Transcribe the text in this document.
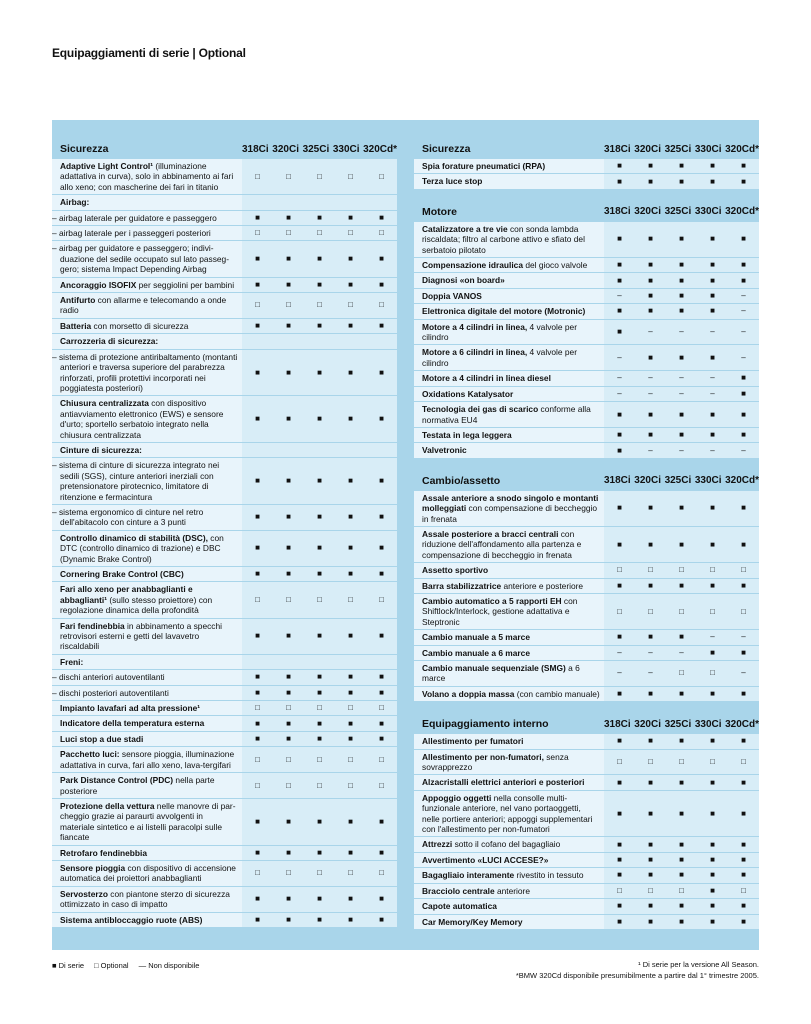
Equipaggiamenti di serie | Optional
Sicurezza	318Ci 320Ci 325Ci 330Ci 320Cd*
Adaptive Light Control¹ (illuminazione adattativa in curva), solo in abbinamento ai fari allo xeno; con mascherine dei fari in titanio
□	□	□	□	□
Airbag:
– airbag laterale per guidatore e passeggero	■	■	■	■	■
– airbag laterale per i passeggeri posteriori	□	□	□	□	□
– airbag per guidatore e passeggero; indivi- duazione del sedile occupato sul lato passeg- gero; sistema Impact Depending Airbag
■	■	■	■	■
Ancoraggio ISOFIX per seggiolini per bambini	■	■	■	■	■
Antifurto con allarme e telecomando a onde radio
□	□	□	□	□
Batteria con morsetto di sicurezza	■	■	■	■	■
Carrozzeria di sicurezza:
– sistema di protezione antiribaltamento (montanti anteriori e traversa superiore del parabrezza rinforzati, profili protettivi incorporati nei poggiatesta posteriori)
■	■	■	■	■
Chiusura centralizzata con dispositivo antiavviamento elettronico (EWS) e sensore d'urto; sportello serbatoio integrato nella chiusura centralizzata
■	■	■	■	■
Cinture di sicurezza:
– sistema di cinture di sicurezza integrato nei sedili (SGS), cinture anteriori inerziali con pretensionatore pirotecnico, limitatore di ritenzione e fermacintura
■	■	■	■	■
– sistema ergonomico di cinture nel retro dell'abitacolo con cinture a 3 punti
■	■	■	■	■
Controllo dinamico di stabilità (DSC), con DTC (controllo dinamico di trazione) e DBC (Dynamic Brake Control)
■	■	■	■	■
Cornering Brake Control (CBC)	■	■	■	■	■
Fari allo xeno per anabbaglianti e abbaglianti¹ (sullo stesso proiettore) con regolazione dinamica della profondità
□	□	□	□	□
Fari fendinebbia in abbinamento a specchi retrovisori esterni e getti del lavavetro riscaldabili
■	■	■	■	■
Freni:
– dischi anteriori autoventilanti	■	■	■	■	■
– dischi posteriori autoventilanti	■	■	■	■	■
Impianto lavafari ad alta pressione¹	□	□	□	□	□
Indicatore della temperatura esterna	■	■	■	■	■
Luci stop a due stadi	■	■	■	■	■
Pacchetto luci: sensore pioggia, illuminazione adattativa in curva, fari allo xeno, lava-tergifari
□	□	□	□	□
Park Distance Control (PDC) nella parte posteriore
□	□	□	□	□
Protezione della vettura nelle manovre di par- cheggio grazie ai paraurti avvolgenti in materiale sintetico e ai listelli paracolpi sulle fiancate
■	■	■	■	■
Retrofaro fendinebbia	■	■	■	■	■
Sensore pioggia con dispositivo di accensione automatica dei proiettori anabbaglianti
□	□	□	□	□
Servosterzo con piantone sterzo di sicurezza ottimizzato in caso di impatto
■	■	■	■	■
Sistema antibloccaggio ruote (ABS)	■	■	■	■	■
Sicurezza	318Ci 320Ci 325Ci 330Ci 320Cd*
Spia forature pneumatici (RPA)	■	■	■	■	■
Terza luce stop	■	■	■	■	■
Motore	318Ci 320Ci 325Ci 330Ci 320Cd*
Catalizzatore a tre vie con sonda lambda riscaldata; filtro al carbone attivo e sfiato del serbatoio pilotato
■	■	■	■	■
Compensazione idraulica del gioco valvole	■	■	■	■	■
Diagnosi «on board»	■	■	■	■	■
Doppia VANOS	–	■	■	■	–
Elettronica digitale del motore (Motronic)	■	■	■	■	–
Motore a 4 cilindri in linea, 4 valvole per cilindro
■	–	–	–	–
Motore a 6 cilindri in linea, 4 valvole per cilindro
–	■	■	■	–
Motore a 4 cilindri in linea diesel	–	–	–	–	■
Oxidations Katalysator	–	–	–	–	■
Tecnologia dei gas di scarico conforme alla normativa EU4
■	■	■	■	■
Testata in lega leggera	■	■	■	■	■
Valvetronic	■	–	–	–	–
Cambio/assetto	318Ci 320Ci 325Ci 330Ci 320Cd*
Assale anteriore a snodo singolo e montanti molleggiati con compensazione di beccheggio in frenata
■	■	■	■	■
Assale posteriore a bracci centrali con riduzione dell'affondamento alla partenza e compensazione di beccheggio in frenata
■	■	■	■	■
Assetto sportivo	□	□	□	□	□
Barra stabilizzatrice anteriore e posteriore	■	■	■	■	■
Cambio automatico a 5 rapporti EH con Shiftlock/Interlock, gestione adattativa e Steptronic
□	□	□	□	□
Cambio manuale a 5 marce	■	■	■	–	–
Cambio manuale a 6 marce	–	–	–	■	■
Cambio manuale sequenziale (SMG) a 6 marce
–	–	□	□	–
Volano a doppia massa (con cambio manuale)	■	■	■	■	■
Equipaggiamento interno	318Ci 320Ci 325Ci 330Ci 320Cd*
Allestimento per fumatori	■	■	■	■	■
Allestimento per non-fumatori, senza sovrapprezzo
□	□	□	□	□
Alzacristalli elettrici anteriori e posteriori	■	■	■	■	■
Appoggio oggetti nella consolle multi- funzionale anteriore, nel vano portaoggetti, nelle portiere anteriori; appoggi supplementari con l'allestimento per non-fumatori
■	■	■	■	■
Attrezzi sotto il cofano del bagagliaio	■	■	■	■	■
Avvertimento «LUCI ACCESE?»	■	■	■	■	■
Bagagliaio interamente rivestito in tessuto	■	■	■	■	■
Bracciolo centrale anteriore	□	□	□	■	□
Capote automatica	■	■	■	■	■
Car Memory/Key Memory	■	■	■	■	■
■ Di serie □ Optional — Non disponibile	¹ Di serie per la versione All Season.
*BMW 320Cd disponibile presumibilmente a partire dal 1° trimestre 2005.
